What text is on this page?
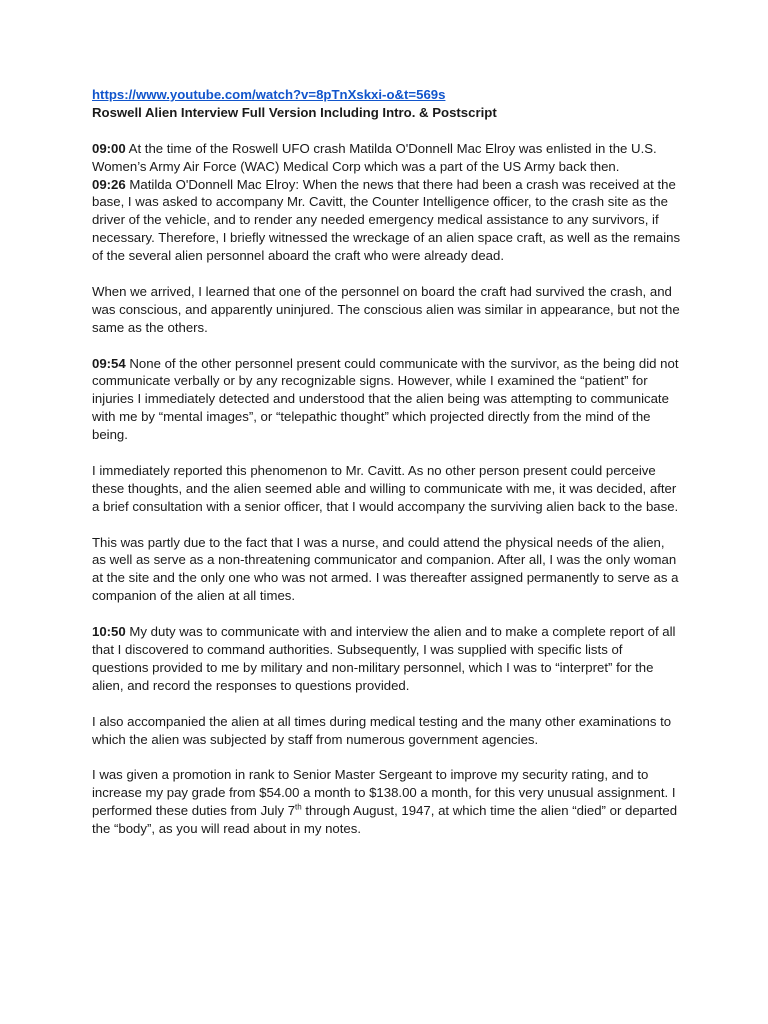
https://www.youtube.com/watch?v=8pTnXskxi-o&t=569s
Roswell Alien Interview Full Version Including Intro. & Postscript

09:00 At the time of the Roswell UFO crash Matilda O'Donnell Mac Elroy was enlisted in the U.S. Women’s Army Air Force (WAC) Medical Corp which was a part of the US Army back then.

09:26 Matilda O'Donnell Mac Elroy: When the news that there had been a crash was received at the base, I was asked to accompany Mr. Cavitt, the Counter Intelligence officer, to the crash site as the driver of the vehicle, and to render any needed emergency medical assistance to any survivors, if necessary. Therefore, I briefly witnessed the wreckage of an alien space craft, as well as the remains of the several alien personnel aboard the craft who were already dead.

When we arrived, I learned that one of the personnel on board the craft had survived the crash, and was conscious, and apparently uninjured. The conscious alien was similar in appearance, but not the same as the others.

09:54 None of the other personnel present could communicate with the survivor, as the being did not communicate verbally or by any recognizable signs. However, while I examined the “patient” for injuries I immediately detected and understood that the alien being was attempting to communicate with me by “mental images”, or “telepathic thought” which projected directly from the mind of the being.

I immediately reported this phenomenon to Mr. Cavitt. As no other person present could perceive these thoughts, and the alien seemed able and willing to communicate with me, it was decided, after a brief consultation with a senior officer, that I would accompany the surviving alien back to the base.

This was partly due to the fact that I was a nurse, and could attend the physical needs of the alien, as well as serve as a non-threatening communicator and companion. After all, I was the only woman at the site and the only one who was not armed. I was thereafter assigned permanently to serve as a companion of the alien at all times.

10:50 My duty was to communicate with and interview the alien and to make a complete report of all that I discovered to command authorities. Subsequently, I was supplied with specific lists of questions provided to me by military and non-military personnel, which I was to “interpret” for the alien, and record the responses to questions provided.

I also accompanied the alien at all times during medical testing and the many other examinations to which the alien was subjected by staff from numerous government agencies.

I was given a promotion in rank to Senior Master Sergeant to improve my security rating, and to increase my pay grade from $54.00 a month to $138.00 a month, for this very unusual assignment. I performed these duties from July 7th through August, 1947, at which time the alien “died” or departed the “body”, as you will read about in my notes.
